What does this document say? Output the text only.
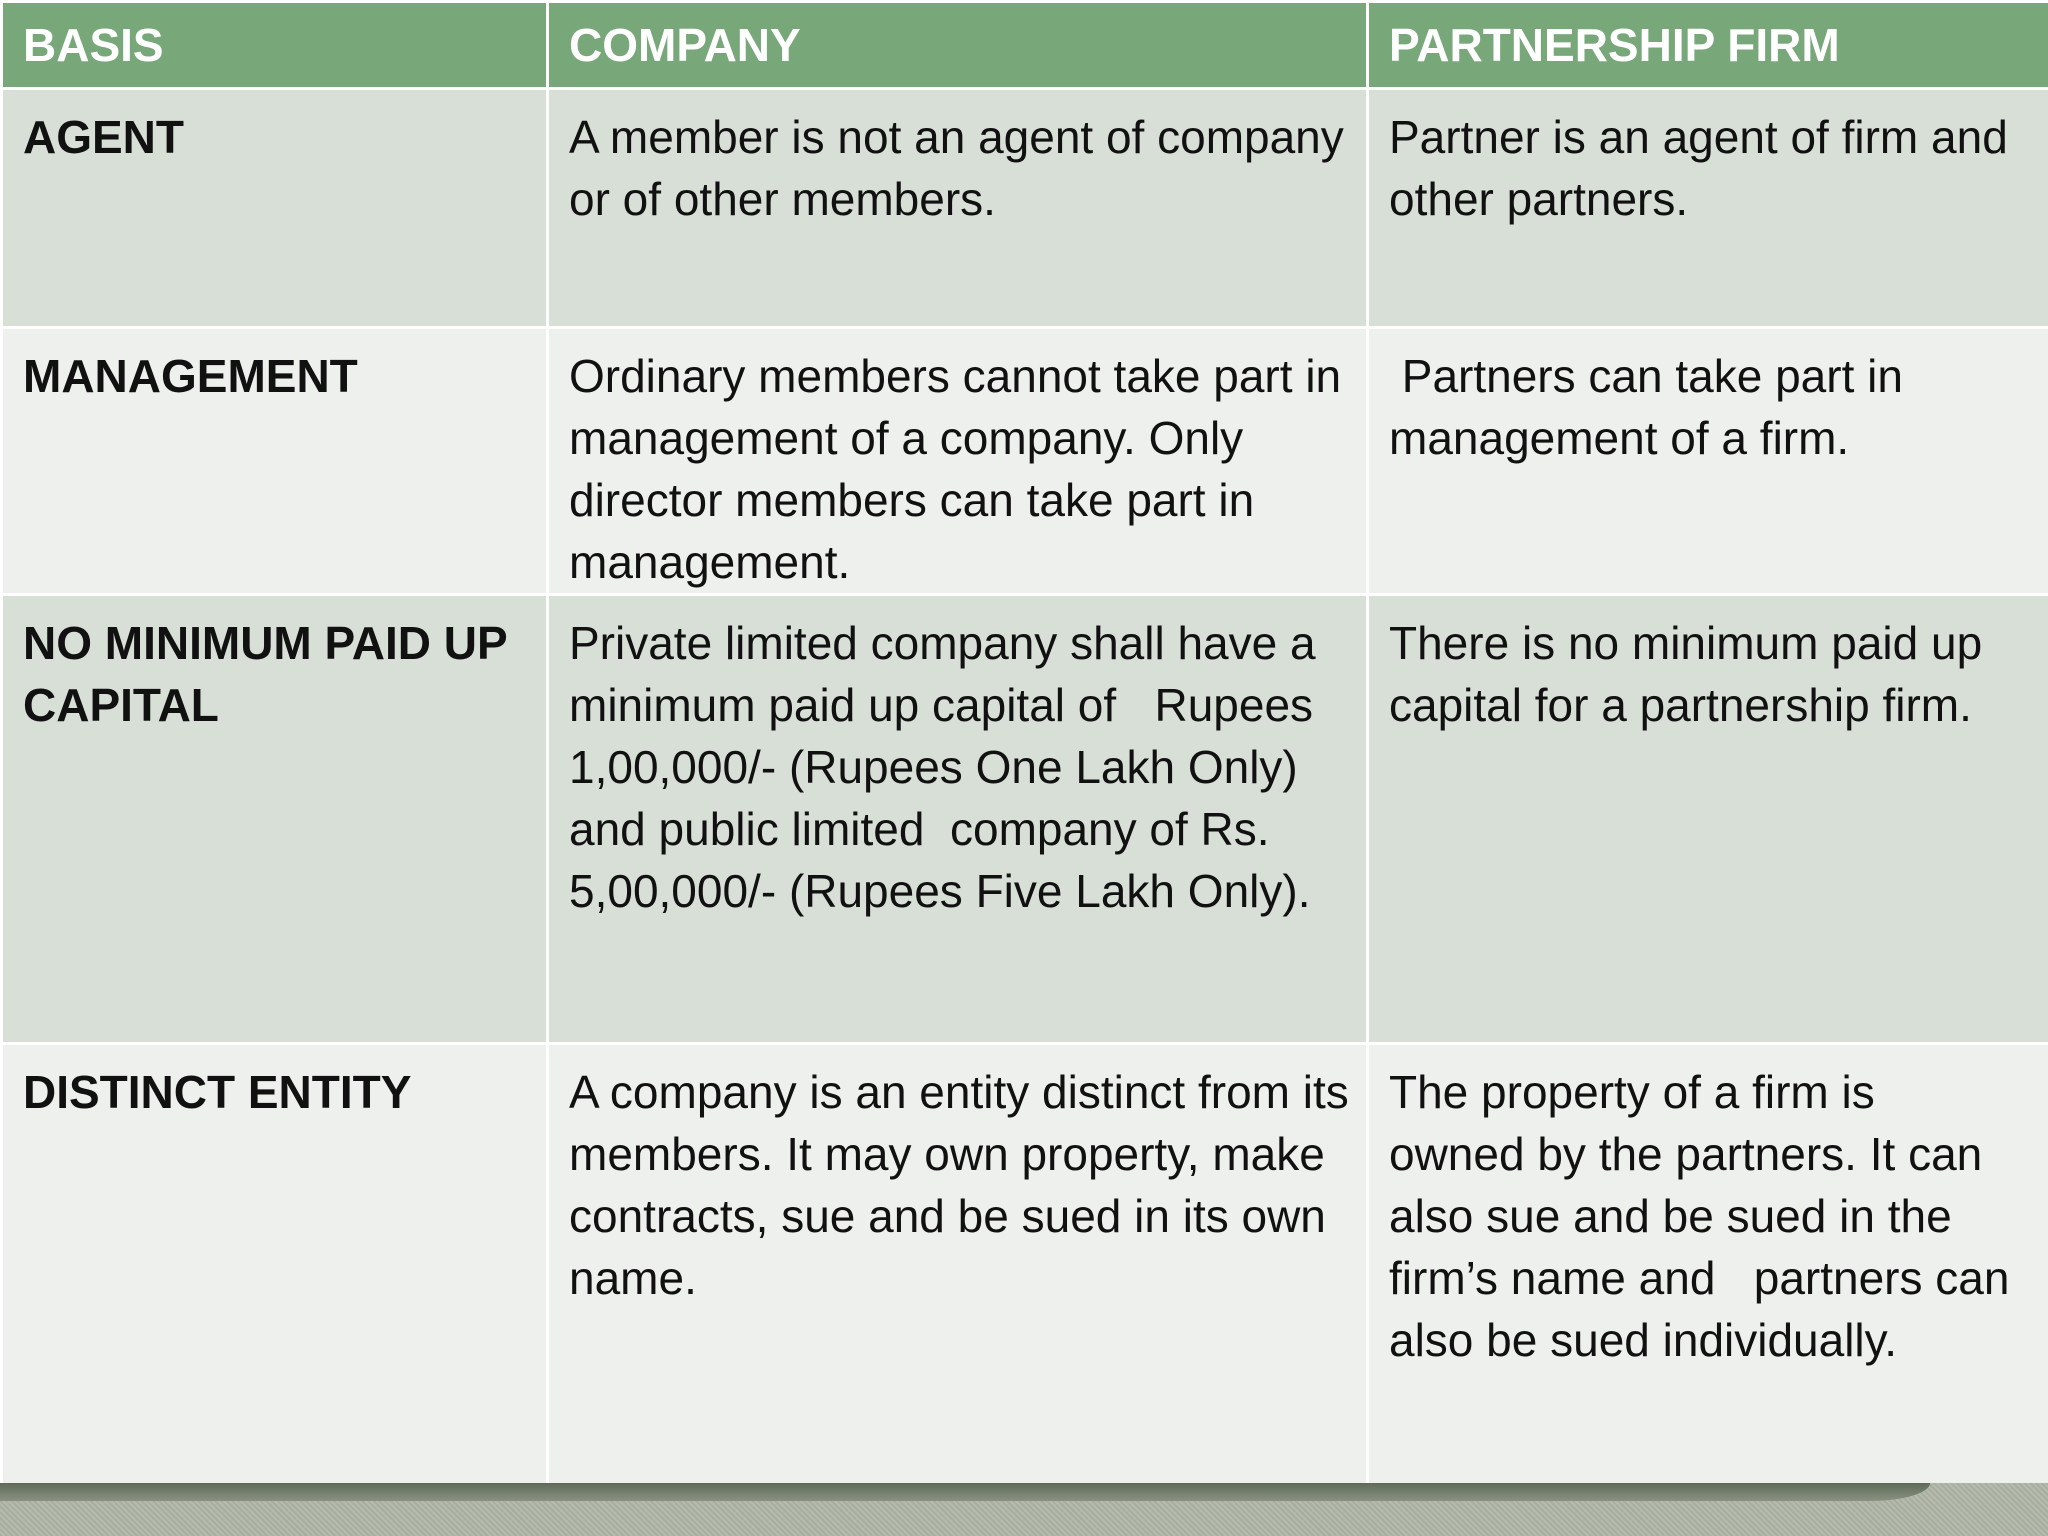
BASIS	COMPANY	PARTNERSHIP FIRM
AGENT	A member is not an agent of company or of other members.	Partner is an agent of firm and other partners.
MANAGEMENT	Ordinary members cannot take part in management of a company. Only director members can take part in management.	Partners can take part in   management of a firm.
NO MINIMUM PAID UP CAPITAL	Private limited company shall have a minimum paid up capital of   Rupees 1,00,000/- (Rupees One Lakh Only) and public limited  company of Rs. 5,00,000/- (Rupees Five Lakh Only).	There is no minimum paid up capital for a partnership firm.
DISTINCT ENTITY	A company is an entity distinct from its members. It may own property, make contracts, sue and be sued in its own name.	The property of a firm is   owned by the partners. It can also sue and be sued in the firm’s name and   partners can also be sued individually.
